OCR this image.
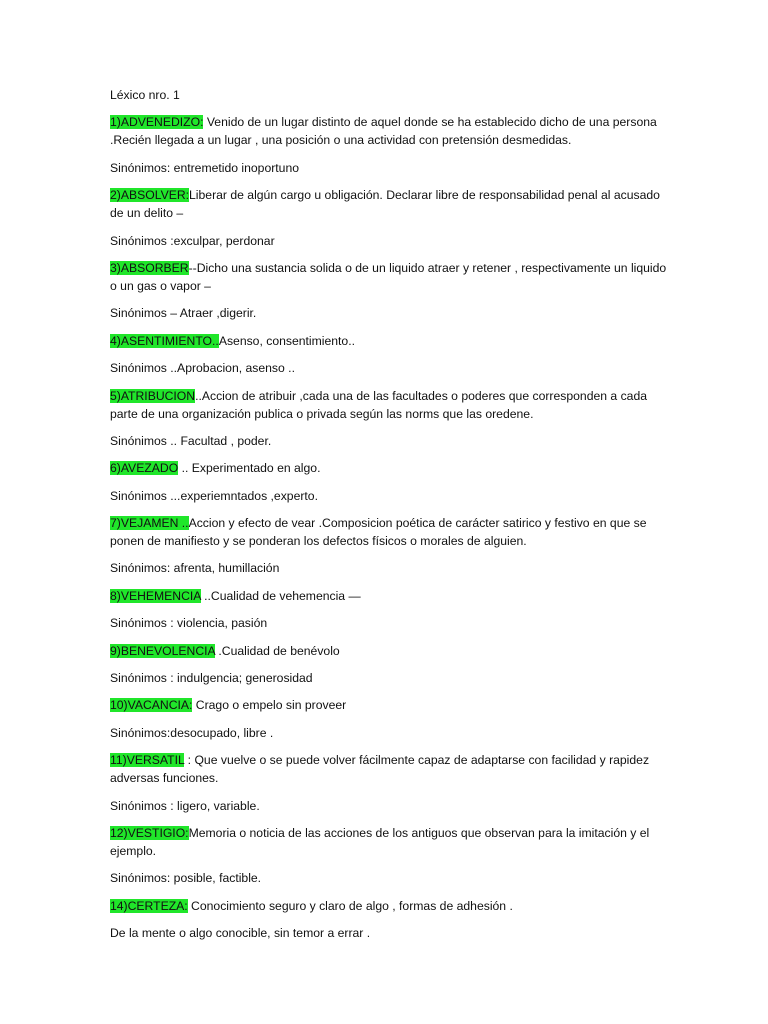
Léxico nro. 1

1)ADVENEDIZO: Venido de un lugar distinto de aquel donde se ha establecido dicho de una persona .Recién llegada a un lugar , una posición o una actividad con pretensión desmedidas.

Sinónimos: entremetido inoportuno

2)ABSOLVER:Liberar de algún cargo u obligación. Declarar libre de responsabilidad penal al acusado de un delito –

Sinónimos :exculpar, perdonar

3)ABSORBER--Dicho una sustancia solida o de un liquido atraer y retener , respectivamente un liquido o un gas o vapor –

Sinónimos – Atraer ,digerir.

4)ASENTIMIENTO..Asenso, consentimiento..

Sinónimos ..Aprobacion, asenso ..

5)ATRIBUCION..Accion de atribuir ,cada una de las facultades o poderes que corresponden a cada parte de una organización publica o privada según las norms que las oredene.

Sinónimos .. Facultad , poder.

6)AVEZADO .. Experimentado en algo.

Sinónimos ...experiemntados ,experto.

7)VEJAMEN ..Accion y efecto de vear .Composicion poética de carácter satirico y festivo en que se ponen de manifiesto y se ponderan los defectos físicos o morales de alguien.

Sinónimos: afrenta, humillación

8)VEHEMENCIA ..Cualidad de vehemencia —

Sinónimos : violencia, pasión

9)BENEVOLENCIA .Cualidad de benévolo

Sinónimos : indulgencia; generosidad

10)VACANCIA: Crago o empelo sin proveer

Sinónimos:desocupado, libre .

11)VERSATIL : Que vuelve o se puede volver fácilmente capaz de adaptarse con facilidad y rapidez adversas funciones.

Sinónimos : ligero, variable.

12)VESTIGIO:Memoria o noticia de las acciones de los antiguos que observan para la imitación y el ejemplo.

Sinónimos: posible, factible.

14)CERTEZA: Conocimiento seguro y claro de algo , formas de adhesión .

De la mente o algo conocible, sin temor a errar .
